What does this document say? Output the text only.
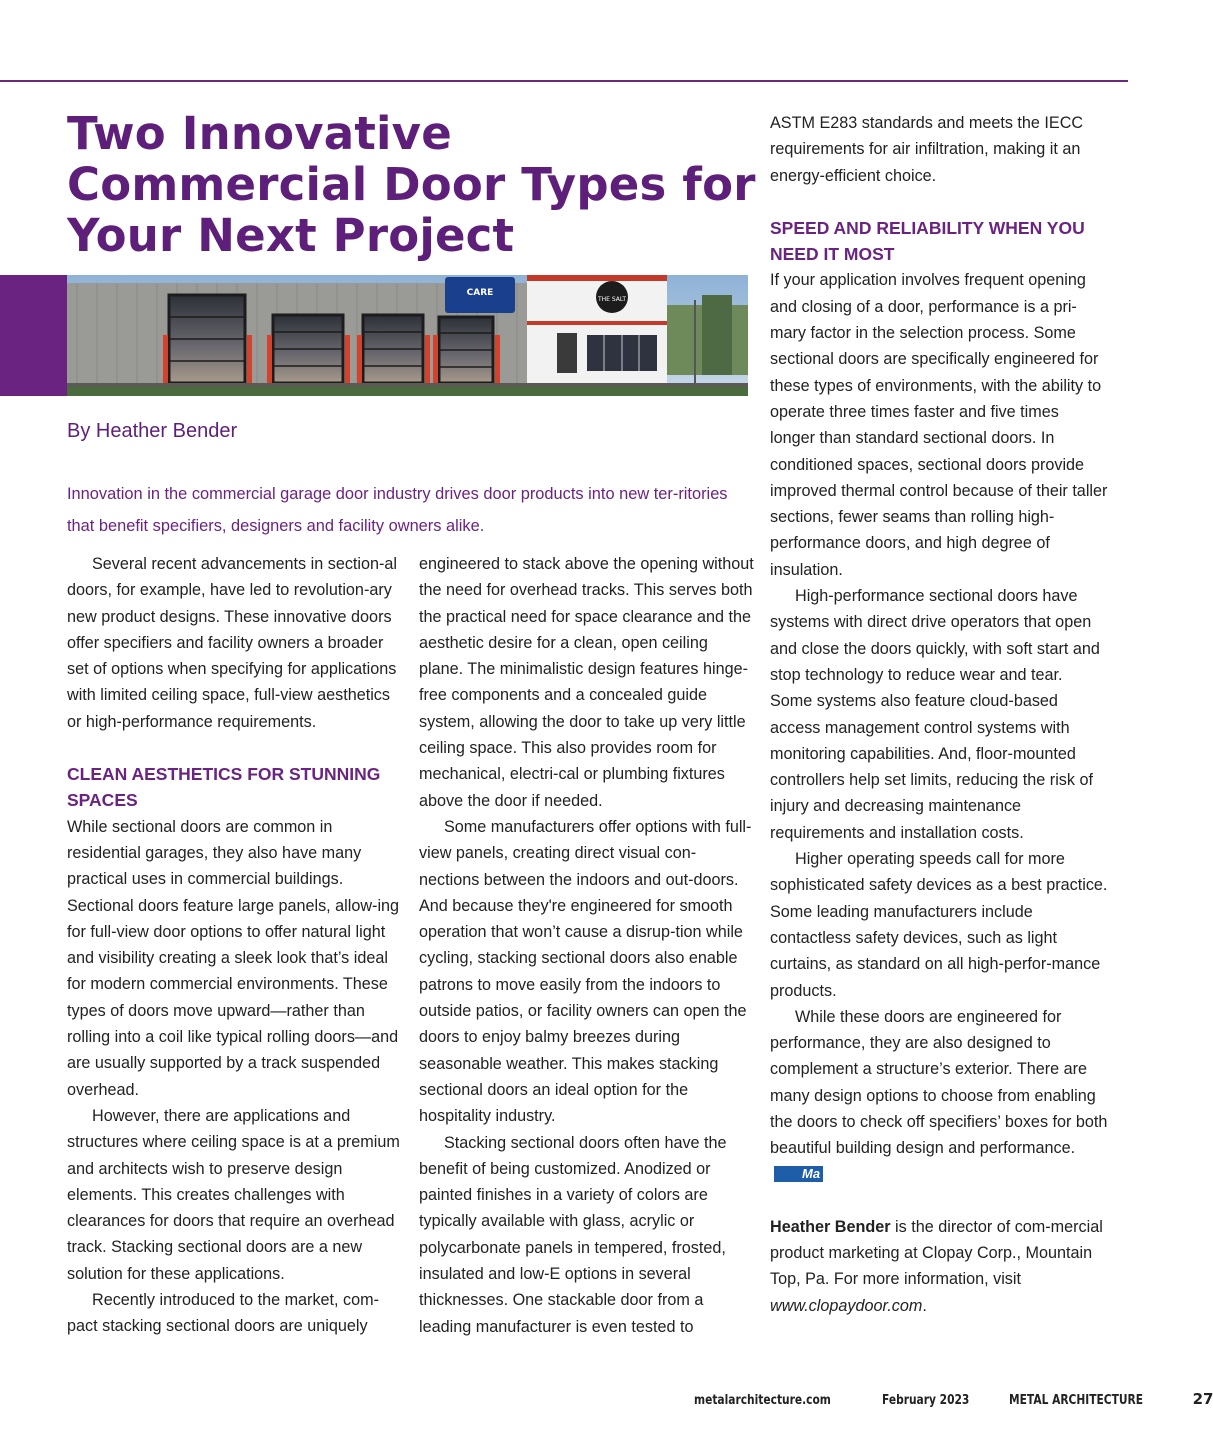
Two Innovative Commercial Door Types for Your Next Project
CARE
THE SALT
By Heather Bender

Innovation in the commercial garage door industry drives door products into new ter-ritories that benefit specifiers, designers and facility owners alike.

Several recent advancements in section-al doors, for example, have led to revolution-ary new product designs. These innovative doors offer specifiers and facility owners a broader set of options when specifying for applications with limited ceiling space, full-view aesthetics or high-performance requirements.

CLEAN AESTHETICS FOR STUNNING SPACES

While sectional doors are common in residential garages, they also have many practical uses in commercial buildings. Sectional doors feature large panels, allow-ing for full-view door options to offer natural light and visibility creating a sleek look that’s ideal for modern commercial environments. These types of doors move upward—rather than rolling into a coil like typical rolling doors—and are usually supported by a track suspended overhead.

However, there are applications and structures where ceiling space is at a premium and architects wish to preserve design elements. This creates challenges with clearances for doors that require an overhead track. Stacking sectional doors are a new solution for these applications.

Recently introduced to the market, com-pact stacking sectional doors are uniquely

engineered to stack above the opening without the need for overhead tracks. This serves both the practical need for space clearance and the aesthetic desire for a clean, open ceiling plane. The minimalistic design features hinge-free components and a concealed guide system, allowing the door to take up very little ceiling space. This also provides room for mechanical, electri-cal or plumbing fixtures above the door if needed.

Some manufacturers offer options with full-view panels, creating direct visual con-nections between the indoors and out-doors. And because they're engineered for smooth operation that won’t cause a disrup-tion while cycling, stacking sectional doors also enable patrons to move easily from the indoors to outside patios, or facility owners can open the doors to enjoy balmy breezes during seasonable weather. This makes stacking sectional doors an ideal option for the hospitality industry.

Stacking sectional doors often have the benefit of being customized. Anodized or painted finishes in a variety of colors are typically available with glass, acrylic or polycarbonate panels in tempered, frosted, insulated and low-E options in several thicknesses. One stackable door from a leading manufacturer is even tested to

ASTM E283 standards and meets the IECC requirements for air infiltration, making it an energy-efficient choice.

SPEED AND RELIABILITY WHEN YOU NEED IT MOST

If your application involves frequent opening and closing of a door, performance is a pri-mary factor in the selection process. Some sectional doors are specifically engineered for these types of environments, with the ability to operate three times faster and five times longer than standard sectional doors. In conditioned spaces, sectional doors provide improved thermal control because of their taller sections, fewer seams than rolling high-performance doors, and high degree of insulation.

High-performance sectional doors have systems with direct drive operators that open and close the doors quickly, with soft start and stop technology to reduce wear and tear. Some systems also feature cloud-based access management control systems with monitoring capabilities. And, floor-mounted controllers help set limits, reducing the risk of injury and decreasing maintenance requirements and installation costs.

Higher operating speeds call for more sophisticated safety devices as a best practice. Some leading manufacturers include contactless safety devices, such as light curtains, as standard on all high-perfor-mance products.

While these doors are engineered for performance, they are also designed to complement a structure’s exterior. There are many design options to choose from enabling the doors to check off specifiers’ boxes for both beautiful building design and performance.Ma

Heather Bender is the director of com-mercial product marketing at Clopay Corp., Mountain Top, Pa. For more information, visit www.clopaydoor.com.

metalarchitecture.com	February 2023	METAL ARCHITECTURE	27
